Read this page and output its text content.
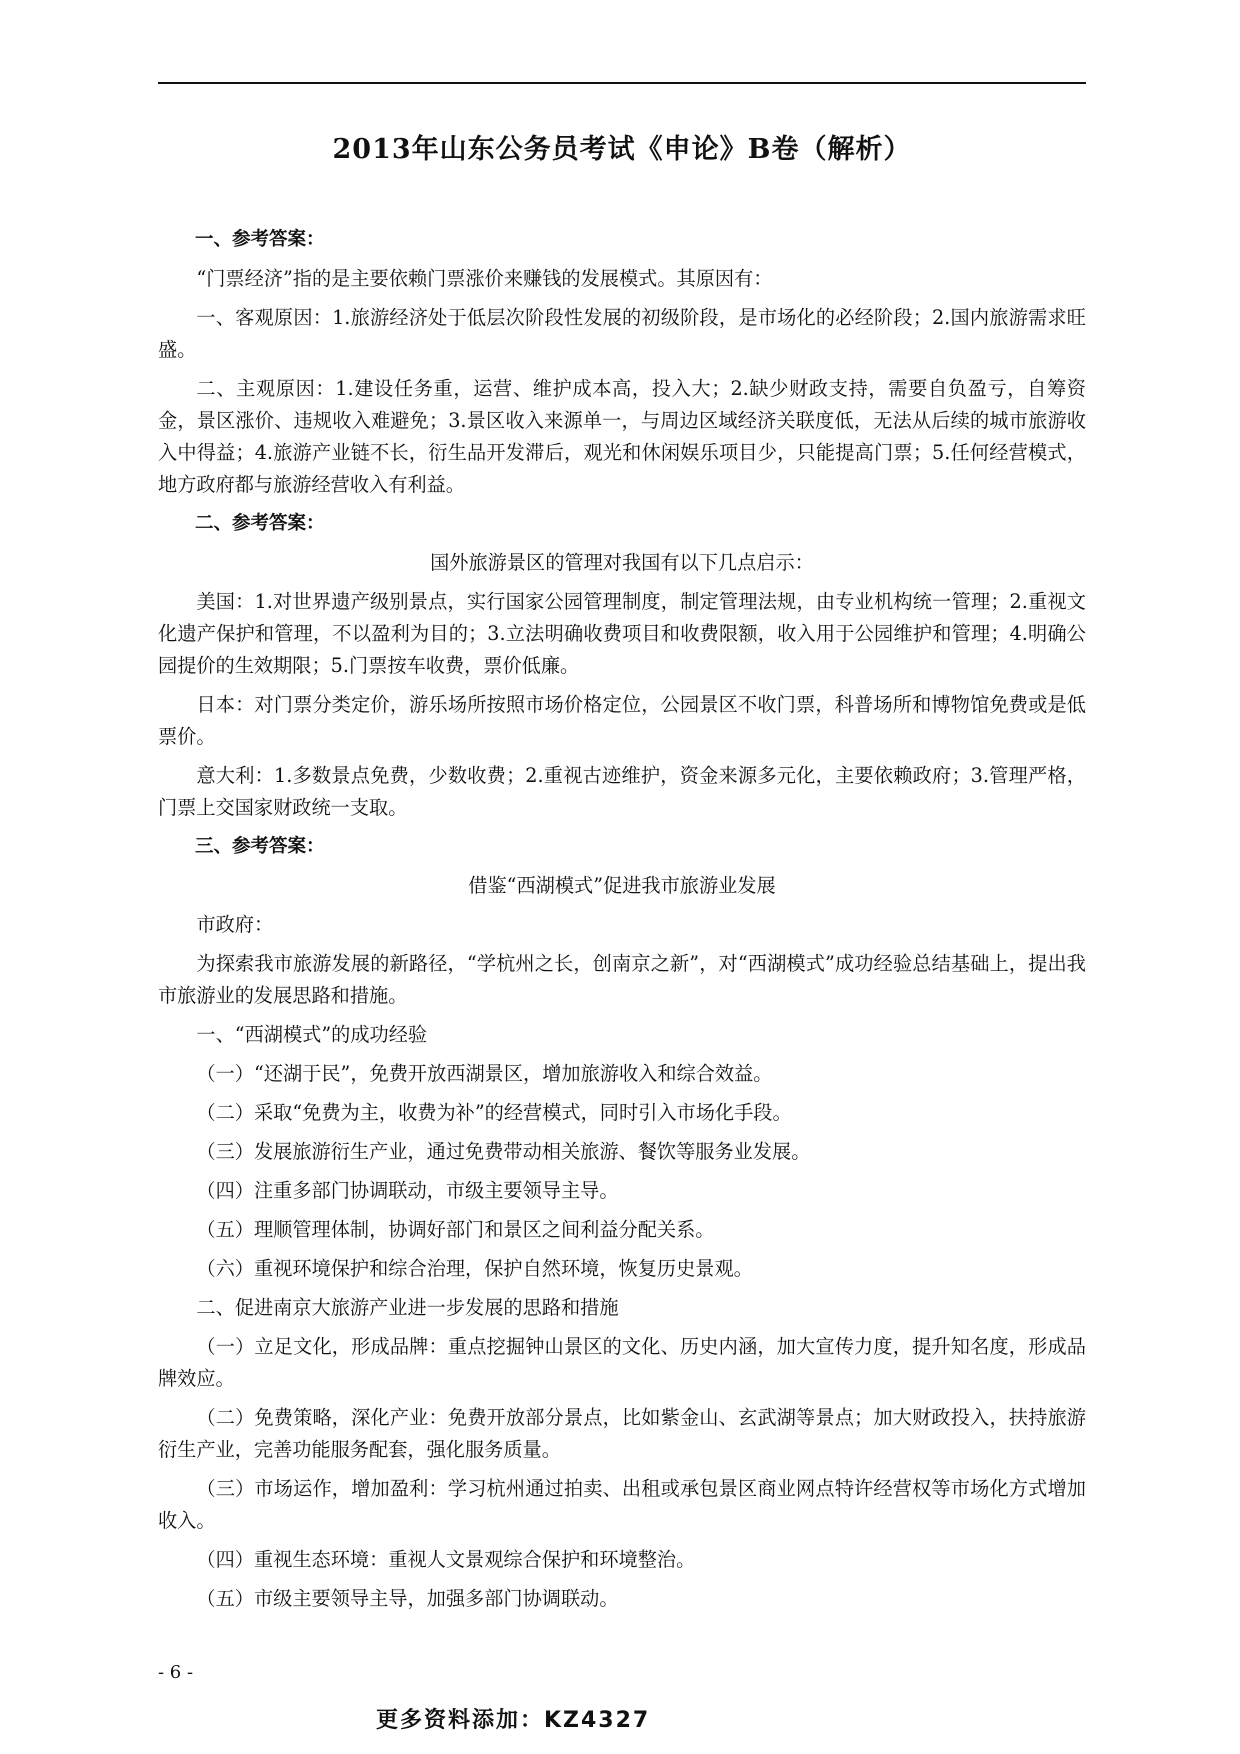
2013年山东公务员考试《申论》B卷（解析）
一、参考答案：

“门票经济”指的是主要依赖门票涨价来赚钱的发展模式。其原因有：

一、客观原因：1.旅游经济处于低层次阶段性发展的初级阶段，是市场化的必经阶段；2.国内旅游需求旺盛。

二、主观原因：1.建设任务重，运营、维护成本高，投入大；2.缺少财政支持，需要自负盈亏，自筹资金，景区涨价、违规收入难避免；3.景区收入来源单一，与周边区域经济关联度低，无法从后续的城市旅游收入中得益；4.旅游产业链不长，衍生品开发滞后，观光和休闲娱乐项目少，只能提高门票；5.任何经营模式，地方政府都与旅游经营收入有利益。

二、参考答案：

国外旅游景区的管理对我国有以下几点启示：

美国：1.对世界遗产级别景点，实行国家公园管理制度，制定管理法规，由专业机构统一管理；2.重视文化遗产保护和管理，不以盈利为目的；3.立法明确收费项目和收费限额，收入用于公园维护和管理；4.明确公园提价的生效期限；5.门票按车收费，票价低廉。

日本：对门票分类定价，游乐场所按照市场价格定位，公园景区不收门票，科普场所和博物馆免费或是低票价。

意大利：1.多数景点免费，少数收费；2.重视古迹维护，资金来源多元化，主要依赖政府；3.管理严格，门票上交国家财政统一支取。

三、参考答案：

借鉴“西湖模式”促进我市旅游业发展

市政府：

为探索我市旅游发展的新路径，“学杭州之长，创南京之新”，对“西湖模式”成功经验总结基础上，提出我市旅游业的发展思路和措施。

一、“西湖模式”的成功经验

（一）“还湖于民”，免费开放西湖景区，增加旅游收入和综合效益。

（二）采取“免费为主，收费为补”的经营模式，同时引入市场化手段。

（三）发展旅游衍生产业，通过免费带动相关旅游、餐饮等服务业发展。

（四）注重多部门协调联动，市级主要领导主导。

（五）理顺管理体制，协调好部门和景区之间利益分配关系。

（六）重视环境保护和综合治理，保护自然环境，恢复历史景观。

二、促进南京大旅游产业进一步发展的思路和措施

（一）立足文化，形成品牌：重点挖掘钟山景区的文化、历史内涵，加大宣传力度，提升知名度，形成品牌效应。

（二）免费策略，深化产业：免费开放部分景点，比如紫金山、玄武湖等景点；加大财政投入，扶持旅游衍生产业，完善功能服务配套，强化服务质量。

（三）市场运作，增加盈利：学习杭州通过拍卖、出租或承包景区商业网点特许经营权等市场化方式增加收入。

（四）重视生态环境：重视人文景观综合保护和环境整治。

（五）市级主要领导主导，加强多部门协调联动。

- 6 -
更多资料添加：KZ4327
